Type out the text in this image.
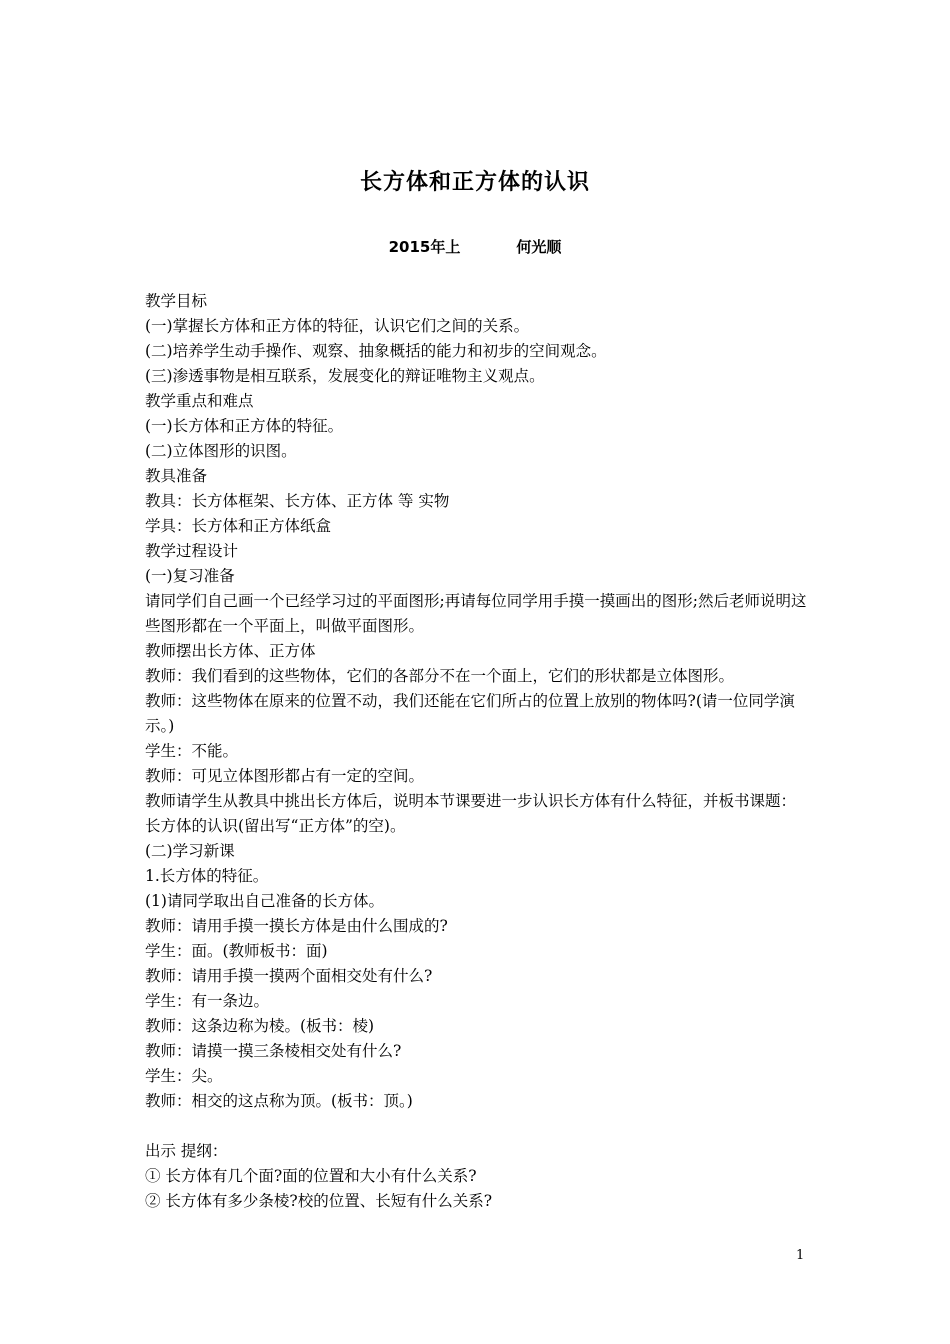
长方体和正方体的认识
2015年上	何光顺

教学目标

(一)掌握长方体和正方体的特征，认识它们之间的关系。

(二)培养学生动手操作、观察、抽象概括的能力和初步的空间观念。

(三)渗透事物是相互联系，发展变化的辩证唯物主义观点。

教学重点和难点

(一)长方体和正方体的特征。

(二)立体图形的识图。

教具准备

教具：长方体框架、长方体、正方体 等 实物

学具：长方体和正方体纸盒

教学过程设计

(一)复习准备

请同学们自己画一个已经学习过的平面图形;再请每位同学用手摸一摸画出的图形;然后老师说明这些图形都在一个平面上，叫做平面图形。

教师摆出长方体、正方体

教师：我们看到的这些物体，它们的各部分不在一个面上，它们的形状都是立体图形。

教师：这些物体在原来的位置不动，我们还能在它们所占的位置上放别的物体吗?(请一位同学演示。)

学生：不能。

教师：可见立体图形都占有一定的空间。

教师请学生从教具中挑出长方体后，说明本节课要进一步认识长方体有什么特征，并板书课题：长方体的认识(留出写“正方体”的空)。

(二)学习新课

1.长方体的特征。

(1)请同学取出自己准备的长方体。

教师：请用手摸一摸长方体是由什么围成的?

学生：面。(教师板书：面)

教师：请用手摸一摸两个面相交处有什么?

学生：有一条边。

教师：这条边称为棱。(板书：棱)

教师：请摸一摸三条棱相交处有什么?

学生：尖。

教师：相交的这点称为顶。(板书：顶。)

出示 提纲：

① 长方体有几个面?面的位置和大小有什么关系?

② 长方体有多少条棱?校的位置、长短有什么关系?

1
